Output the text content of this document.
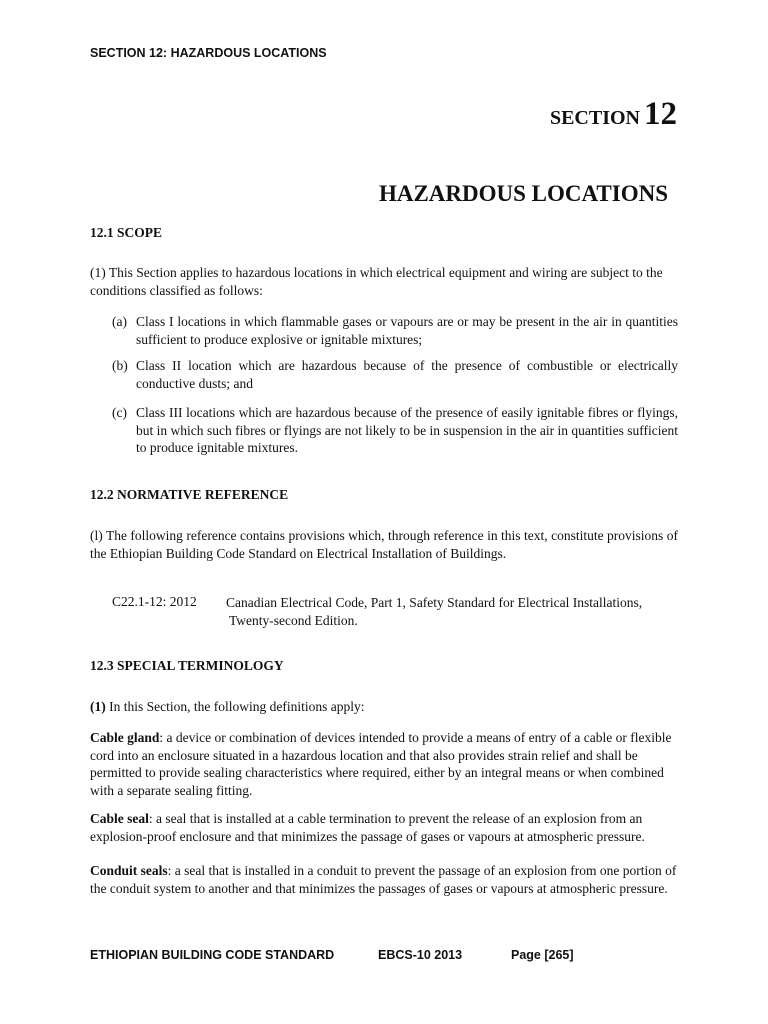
SECTION 12: HAZARDOUS LOCATIONS
SECTION 12
HAZARDOUS LOCATIONS
12.1 SCOPE
(1) This Section applies to hazardous locations in which electrical equipment and wiring are subject to the conditions classified as follows:
(a) Class I locations in which flammable gases or vapours are or may be present in the air in quantities sufficient to produce explosive or ignitable mixtures;
(b) Class II location which are hazardous because of the presence of combustible or electrically conductive dusts; and
(c) Class III locations which are hazardous because of the presence of easily ignitable fibres or flyings, but in which such fibres or flyings are not likely to be in suspension in the air in quantities sufficient to produce ignitable mixtures.
12.2 NORMATIVE REFERENCE
(l) The following reference contains provisions which, through reference in this text, constitute provisions of the Ethiopian Building Code Standard on Electrical Installation of Buildings.
C22.1-12: 2012 Canadian Electrical Code, Part 1, Safety Standard for Electrical Installations,
Twenty-second Edition.
12.3 SPECIAL TERMINOLOGY
(1) In this Section, the following definitions apply:
Cable gland: a device or combination of devices intended to provide a means of entry of a cable or flexible cord into an enclosure situated in a hazardous location and that also provides strain relief and shall be permitted to provide sealing characteristics where required, either by an integral means or when combined with a separate sealing fitting.
Cable seal: a seal that is installed at a cable termination to prevent the release of an explosion from an explosion-proof enclosure and that minimizes the passage of gases or vapours at atmospheric pressure.
Conduit seals: a seal that is installed in a conduit to prevent the passage of an explosion from one portion of the conduit system to another and that minimizes the passages of gases or vapours at atmospheric pressure.
ETHIOPIAN BUILDING CODE STANDARD	EBCS-10 2013	Page [265]
